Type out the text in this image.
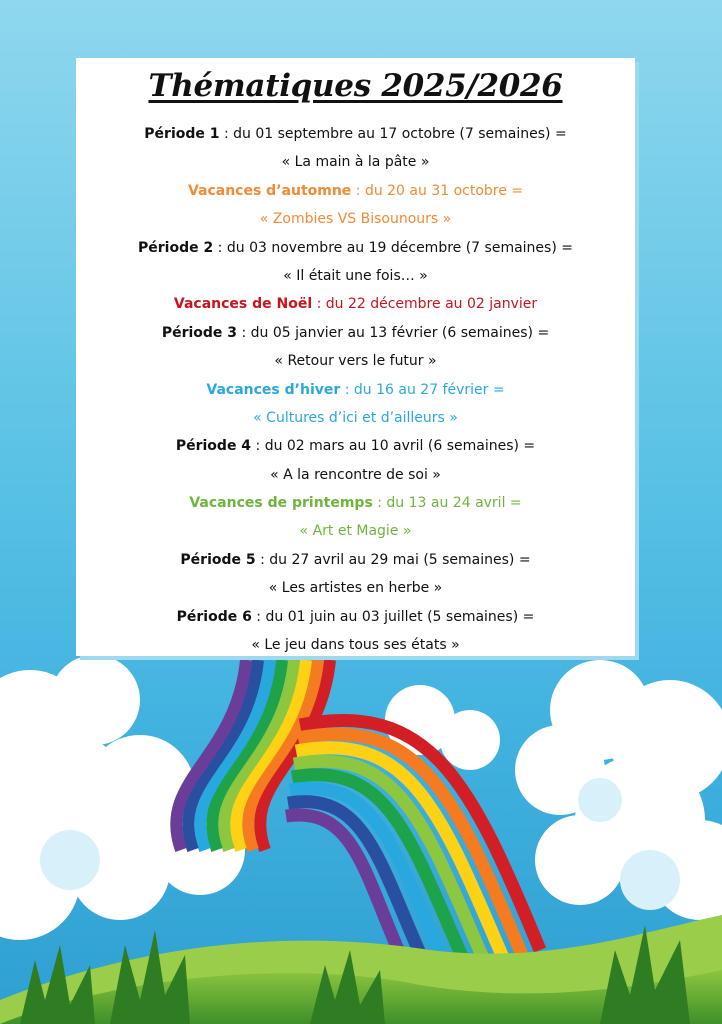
Thématiques 2025/2026
Période 1 : du 01 septembre au 17 octobre (7 semaines) =
« La main à la pâte »
Vacances d’automne : du 20 au 31 octobre =
« Zombies VS Bisounours »
Période 2 : du 03 novembre au 19 décembre (7 semaines) =
« Il était une fois… »
Vacances de Noël : du 22 décembre au 02 janvier
Période 3 : du 05 janvier au 13 février (6 semaines) =
« Retour vers le futur »
Vacances d’hiver : du 16 au 27 février =
« Cultures d’ici et d’ailleurs »
Période 4 : du 02 mars au 10 avril (6 semaines) =
« A la rencontre de soi »
Vacances de printemps : du 13 au 24 avril =
« Art et Magie »
Période 5 : du 27 avril au 29 mai (5 semaines) =
« Les artistes en herbe »
Période 6 : du 01 juin au 03 juillet (5 semaines) =
« Le jeu dans tous ses états »
